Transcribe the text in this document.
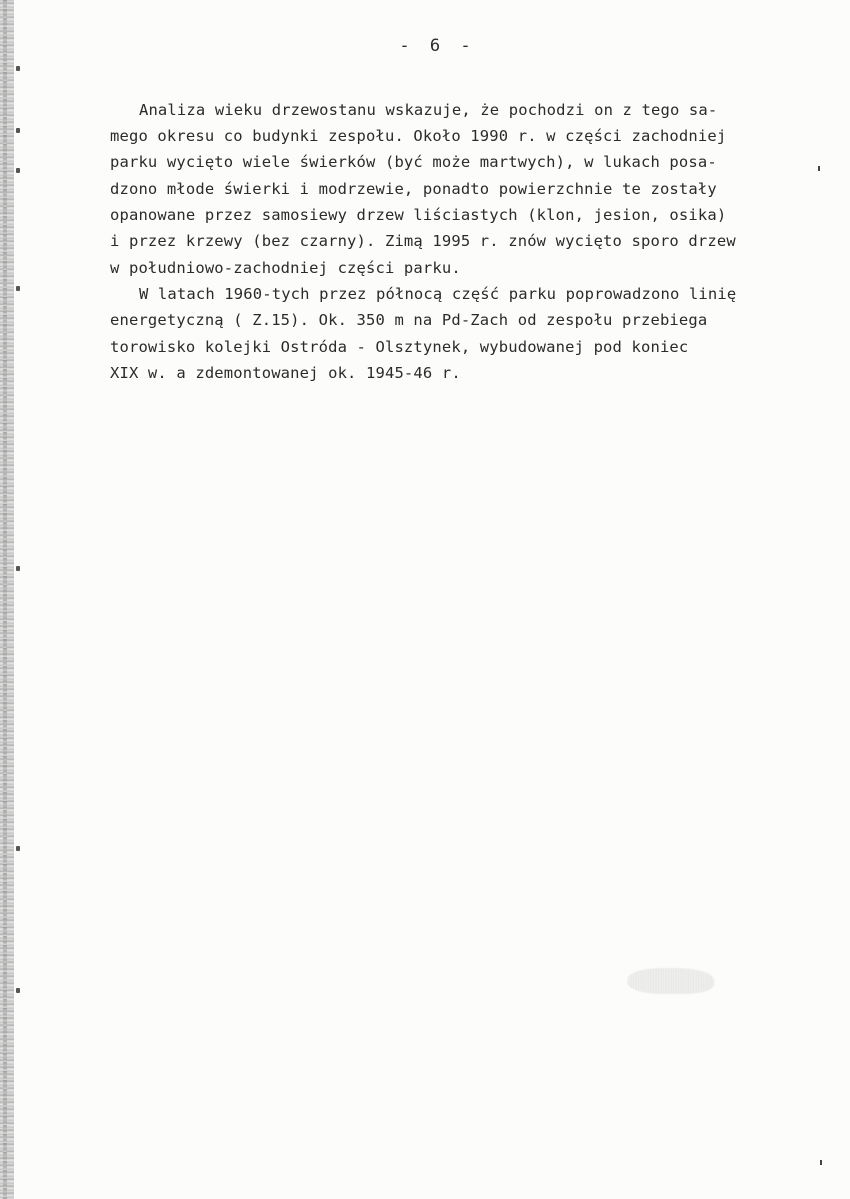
- 6 -
Analiza wieku drzewostanu wskazuje, że pochodzi on z tego sa-
mego okresu co budynki zespołu. Około 1990 r. w części zachodniej
parku wycięto wiele świerków (być może martwych), w lukach posa-
dzono młode świerki i modrzewie, ponadto powierzchnie te zostały
opanowane przez samosiewy drzew liściastych (klon, jesion, osika)
i przez krzewy (bez czarny). Zimą 1995 r. znów wycięto sporo drzew
w południowo-zachodniej części parku.
W latach 1960-tych przez północą część parku poprowadzono linię
energetyczną ( Z.15). Ok. 350 m na Pd-Zach od zespołu przebiega
torowisko kolejki Ostróda - Olsztynek, wybudowanej pod koniec
XIX w. a zdemontowanej ok. 1945-46 r.
